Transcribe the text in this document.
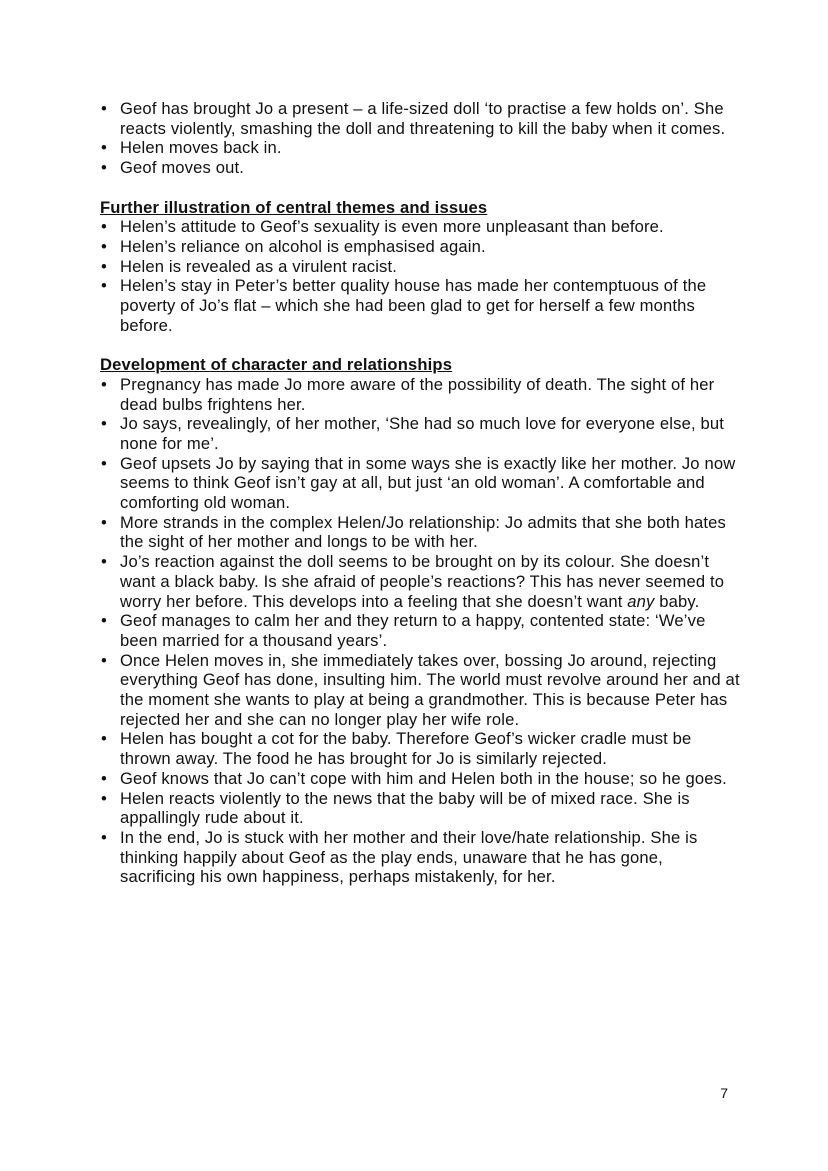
• Geof has brought Jo a present – a life-sized doll ‘to practise a few holds on’. She reacts violently, smashing the doll and threatening to kill the baby when it comes.
• Helen moves back in.
• Geof moves out.
Further illustration of central themes and issues
• Helen’s attitude to Geof’s sexuality is even more unpleasant than before.
• Helen’s reliance on alcohol is emphasised again.
• Helen is revealed as a virulent racist.
• Helen’s stay in Peter’s better quality house has made her contemptuous of the poverty of Jo’s flat – which she had been glad to get for herself a few months before.
Development of character and relationships
• Pregnancy has made Jo more aware of the possibility of death. The sight of her dead bulbs frightens her.
• Jo says, revealingly, of her mother, ‘She had so much love for everyone else, but none for me’.
• Geof upsets Jo by saying that in some ways she is exactly like her mother. Jo now seems to think Geof isn’t gay at all, but just ‘an old woman’. A comfortable and comforting old woman.
• More strands in the complex Helen/Jo relationship: Jo admits that she both hates the sight of her mother and longs to be with her.
• Jo’s reaction against the doll seems to be brought on by its colour. She doesn’t want a black baby. Is she afraid of people’s reactions? This has never seemed to worry her before. This develops into a feeling that she doesn’t want any baby.
• Geof manages to calm her and they return to a happy, contented state: ‘We’ve been married for a thousand years’.
• Once Helen moves in, she immediately takes over, bossing Jo around, rejecting everything Geof has done, insulting him. The world must revolve around her and at the moment she wants to play at being a grandmother. This is because Peter has rejected her and she can no longer play her wife role.
• Helen has bought a cot for the baby. Therefore Geof’s wicker cradle must be thrown away. The food he has brought for Jo is similarly rejected.
• Geof knows that Jo can’t cope with him and Helen both in the house; so he goes.
• Helen reacts violently to the news that the baby will be of mixed race. She is appallingly rude about it.
• In the end, Jo is stuck with her mother and their love/hate relationship. She is thinking happily about Geof as the play ends, unaware that he has gone, sacrificing his own happiness, perhaps mistakenly, for her.
7
